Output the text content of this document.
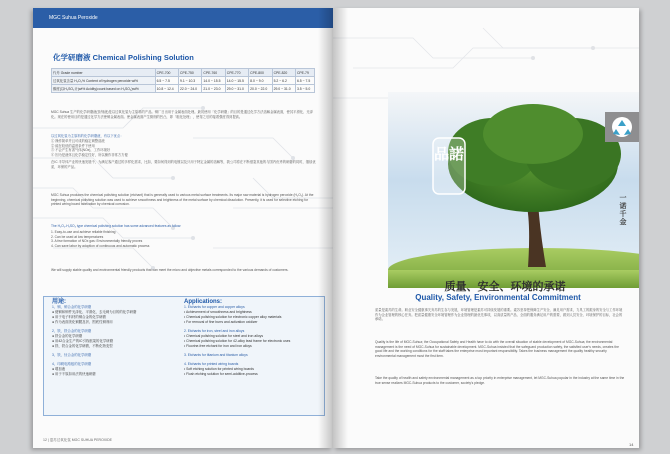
MGC Suhua Peroxide
化学研磨液 Chemical Polishing Solution
代号 Grade number	CPE-700	CPE-750	CPE-760	CPE-770	CPE-800	CPE-820	CPE-79
过氧化氢含量 H₂O₂% Content of hydrogen peroxide wt%	6.5 ~ 7.5	9.1 ~ 10.3	14.0 ~ 15.5	14.0 ~ 15.5	8.0 ~ 9.0	5.2 ~ 6.2	6.5 ~ 7.5
酸度(以H₂SO₄计)wt% Acidity(count based on H₂SO₄)wt%	10.8 ~ 12.4	22.0 ~ 24.0	21.0 ~ 23.0	29.0 ~ 31.0	20.0 ~ 22.0	29.0 ~ 31.0	3.5 ~ 5.0
MGC Suhua 生产的化学研磨液(蚀刻液)是以过氧化氢为主原料的产品。铜厂日出用于金属表面处理。最初使用「化学研磨」的目的是通过化学方法溶解金属表面，使其平滑化、光泽化。现在的使用目的是通过化学方法使铜金属表面。使金属表面产生微细的凹凸，即「粗化处理」，使得之后的接着强度得到提高。
以过氧化氢为主原料的化学研磨液，有以下优点：
① 操作简单并且可成的稳定调整溶液
② 能在较低的温度条件下使用
③ 不会产生有害气体(NOx)，工作环境好
④ 因为是液体且化学稳定性好，所以操作非常方方便
在IC 半导体产业的快速发展中，为满足客户通过的多样化需求，比如，要如何得到的电镀以及只用于特定金属的溶解等，我公司将在不断借鉴其他的与国内优秀的研磨的同时，继续优质，环保的产品。
MGC Suhua produces the chemical polishing solution (etchant) that is generally used to various metal surface treatments. Its major raw material is hydrogen peroxide (H₂O₂). At the beginning, chemical polishing solution was used to achieve smoothness and brightness of the metal surface by chemical dissolution. Presently, it is used for selective etching for printed wiring board fabrication by chemical corrosion.
The H₂O₂-H₂SO₄ type chemical polishing solution has some advanced features as follow:
1. Easy-to-use and achieve reliable finishing
2. Can be used at low temperatures
3. A few formation of NOx gas: Environmentally friendly proves
4. Can save labor by adoption of continuous and automatic process
We will supply stable quality and environmental friendly products that can meet the micro and objective metals corresponded to the various demands of customers.
用途:
1、铜、铜合金的化学研磨
● 便铜和铜件光泽化、平滑化、去毛刺为目的的化学研磨
● 用于电子料材的铜合金的化学研磨
● 作为表面美化铜膜及折、围底性铜剂用
2、铁、铁合金的化学研磨
● 铁合金的化学研磨
● 用42合金生产的IC引线框架的化学研磨
● 铁、铁合金的化学研磨，不断化物变型
3、铁、钛合金的化学研磨
4、印刷电路板的化学研磨
● 增加液
● 用于不原如用法的快速研磨
Applications:
1. Etchants for copper and copper alloys
• Achievement of smoothness and brightness
• Chemical polishing solution for electronic copper alloy materials
• For removal of fine burrs and activation oxidizer
2. Etchants for iron, steel and iron alloys
• Chemical polishing solution for steel and iron alloys
• Chemical polishing solution for 42-alloy lead frame for electronic uses
• Fluorine-free etchant for iron and iron alloys
3. Etchants for titanium and titanium alloys
4. Etchants for printed wiring boards
• Soft etching solution for printed wiring boards
• Flush etching solution for semi-additive-process
12 | 菱苏过氧化氢 MGC SUHUA PEROXIDE
品諾
一诺千金
质量、安全、环境的承诺
Quality, Safety, Environmental Commitment
质量是素苏的生命。职业安全健康事关务苏的生存与发展，环境管理是素苏可持续发展的重要。素苏坚持把保障生产安全、满足用户需求，力具工的跟身的安全与工作环境作为企业管理的核心任务。把质量健康安全环境管理作为企业管理的最优先事项，以高质量的产品、全面的服务满足用户的需要，做到人员安全、环境保护的目标，社会的承诺。
Quality is the life of MGC-Suhua; the Occupational Safety and Health have to do with the overall situation of stable development of MGC-Suhua; the environmental management is the need of MGC-Suhua for sustainable development. MGC-Suhua insisted that the safeguard production safety, the satisfied user's needs, creates the good life and the working conditions for the staff takes the enterprise most important responsibility. Takes the business management the quality healthy security environmental management most the first item.
Take the quality of health and safety environmental management as a top priority in enterprise management, let MGC-Suhua popular in the industry at the same time in the true sense realizes MGC-Suhua products to the customer, society's pledge.
14
